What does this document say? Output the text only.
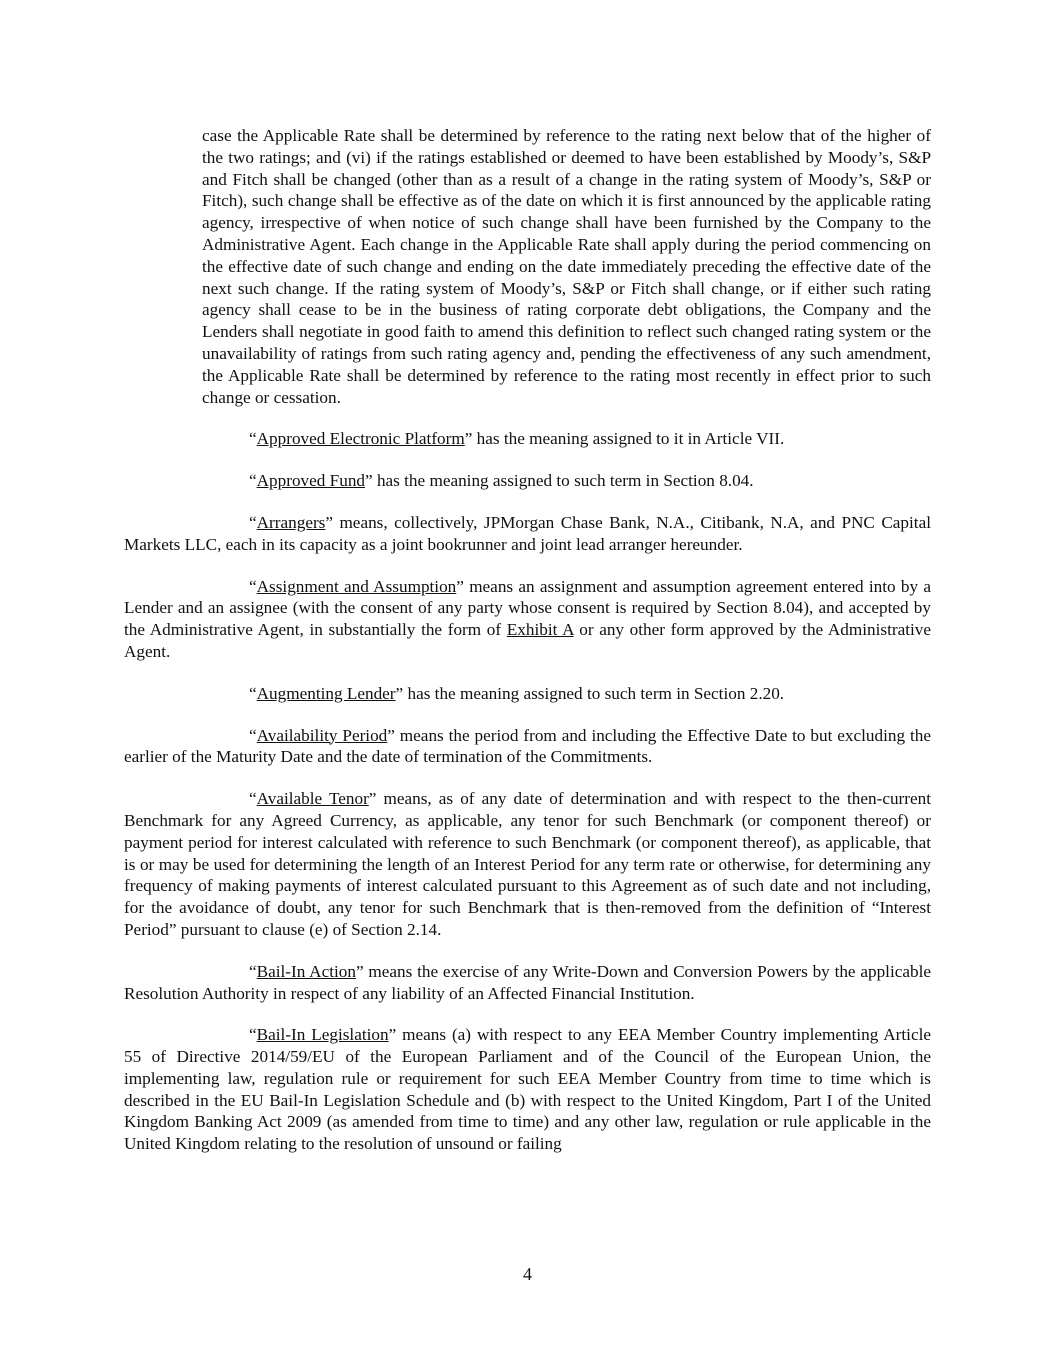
case the Applicable Rate shall be determined by reference to the rating next below that of the higher of the two ratings; and (vi) if the ratings established or deemed to have been established by Moody’s, S&P and Fitch shall be changed (other than as a result of a change in the rating system of Moody’s, S&P or Fitch), such change shall be effective as of the date on which it is first announced by the applicable rating agency, irrespective of when notice of such change shall have been furnished by the Company to the Administrative Agent. Each change in the Applicable Rate shall apply during the period commencing on the effective date of such change and ending on the date immediately preceding the effective date of the next such change. If the rating system of Moody’s, S&P or Fitch shall change, or if either such rating agency shall cease to be in the business of rating corporate debt obligations, the Company and the Lenders shall negotiate in good faith to amend this definition to reflect such changed rating system or the unavailability of ratings from such rating agency and, pending the effectiveness of any such amendment, the Applicable Rate shall be determined by reference to the rating most recently in effect prior to such change or cessation.

“Approved Electronic Platform” has the meaning assigned to it in Article VII.

“Approved Fund” has the meaning assigned to such term in Section 8.04.

“Arrangers” means, collectively, JPMorgan Chase Bank, N.A., Citibank, N.A, and PNC Capital Markets LLC, each in its capacity as a joint bookrunner and joint lead arranger hereunder.

“Assignment and Assumption” means an assignment and assumption agreement entered into by a Lender and an assignee (with the consent of any party whose consent is required by Section 8.04), and accepted by the Administrative Agent, in substantially the form of Exhibit A or any other form approved by the Administrative Agent.

“Augmenting Lender” has the meaning assigned to such term in Section 2.20.

“Availability Period” means the period from and including the Effective Date to but excluding the earlier of the Maturity Date and the date of termination of the Commitments.

“Available Tenor” means, as of any date of determination and with respect to the then-current Benchmark for any Agreed Currency, as applicable, any tenor for such Benchmark (or component thereof) or payment period for interest calculated with reference to such Benchmark (or component thereof), as applicable, that is or may be used for determining the length of an Interest Period for any term rate or otherwise, for determining any frequency of making payments of interest calculated pursuant to this Agreement as of such date and not including, for the avoidance of doubt, any tenor for such Benchmark that is then-removed from the definition of “Interest Period” pursuant to clause (e) of Section 2.14.

“Bail-In Action” means the exercise of any Write-Down and Conversion Powers by the applicable Resolution Authority in respect of any liability of an Affected Financial Institution.

“Bail-In Legislation” means (a) with respect to any EEA Member Country implementing Article 55 of Directive 2014/59/EU of the European Parliament and of the Council of the European Union, the implementing law, regulation rule or requirement for such EEA Member Country from time to time which is described in the EU Bail-In Legislation Schedule and (b) with respect to the United Kingdom, Part I of the United Kingdom Banking Act 2009 (as amended from time to time) and any other law, regulation or rule applicable in the United Kingdom relating to the resolution of unsound or failing

4
